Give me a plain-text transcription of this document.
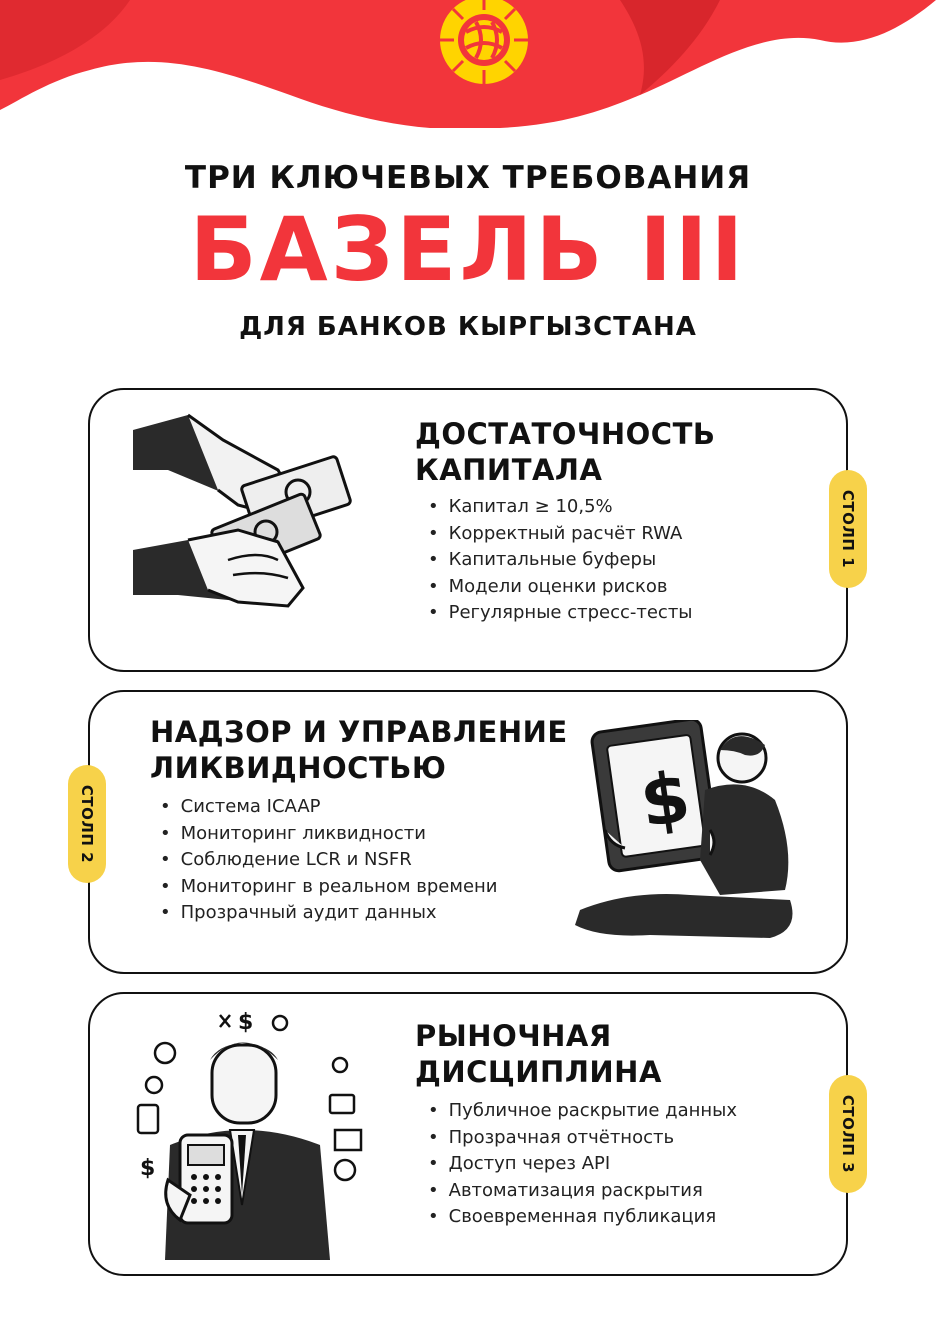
ТРИ КЛЮЧЕВЫХ ТРЕБОВАНИЯ
БАЗЕЛЬ III
ДЛЯ БАНКОВ КЫРГЫЗСТАНА
ДОСТАТОЧНОСТЬ
КАПИТАЛА
• Капитал ≥ 10,5%
• Корректный расчёт RWA
• Капитальные буферы
• Модели оценки рисков
• Регулярные стресс-тесты
НАДЗОР И УПРАВЛЕНИЕ
ЛИКВИДНОСТЬЮ
• Система ICAAP
• Мониторинг ликвидности
• Соблюдение LCR и NSFR
• Мониторинг в реальном времени
• Прозрачный аудит данных
РЫНОЧНАЯ
ДИСЦИПЛИНА
• Публичное раскрытие данных
• Прозрачная отчётность
• Доступ через API
• Автоматизация раскрытия
• Своевременная публикация
СТОЛП 1
СТОЛП 2
СТОЛП 3
$
$
$
